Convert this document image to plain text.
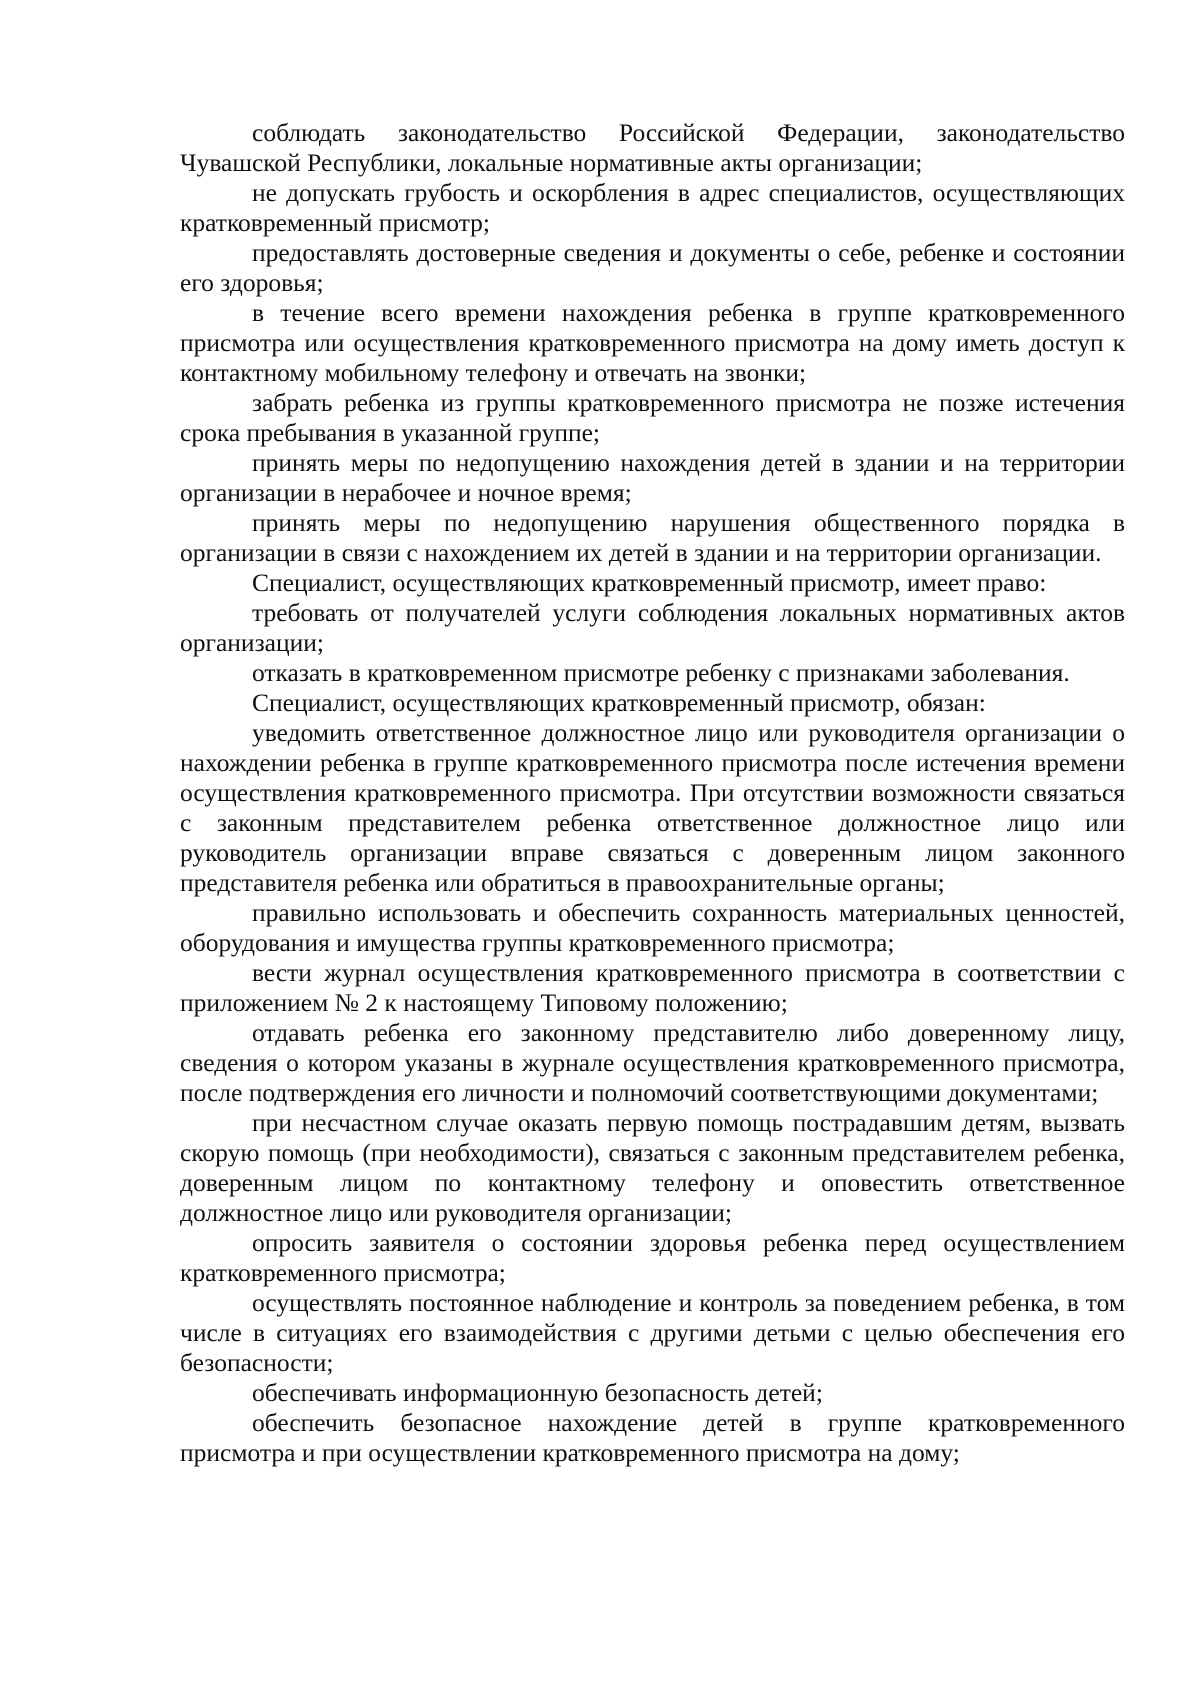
соблюдать законодательство Российской Федерации, законодательство Чувашской Республики, локальные нормативные акты организации;

не допускать грубость и оскорбления в адрес специалистов, осуществляющих кратковременный присмотр;

предоставлять достоверные сведения и документы о себе, ребенке и состоянии его здоровья;

в течение всего времени нахождения ребенка в группе кратковременного присмотра или осуществления кратковременного присмотра на дому иметь доступ к контактному мобильному телефону и отвечать на звонки;

забрать ребенка из группы кратковременного присмотра не позже истечения срока пребывания в указанной группе;

принять меры по недопущению нахождения детей в здании и на территории организации в нерабочее и ночное время;

принять меры по недопущению нарушения общественного порядка в организации в связи с нахождением их детей в здании и на территории организации.

Специалист, осуществляющих кратковременный присмотр, имеет право:

требовать от получателей услуги соблюдения локальных нормативных актов организации;

отказать в кратковременном присмотре ребенку с признаками заболевания.

Специалист, осуществляющих кратковременный присмотр, обязан:

уведомить ответственное должностное лицо или руководителя организации о нахождении ребенка в группе кратковременного присмотра после истечения времени осуществления кратковременного присмотра. При отсутствии возможности связаться с законным представителем ребенка ответственное должностное лицо или руководитель организации вправе связаться с доверенным лицом законного представителя ребенка или обратиться в правоохранительные органы;

правильно использовать и обеспечить сохранность материальных ценностей, оборудования и имущества группы кратковременного присмотра;

вести журнал осуществления кратковременного присмотра в соответствии с приложением № 2 к настоящему Типовому положению;

отдавать ребенка его законному представителю либо доверенному лицу, сведения о котором указаны в журнале осуществления кратковременного присмотра, после подтверждения его личности и полномочий соответствующими документами;

при несчастном случае оказать первую помощь пострадавшим детям, вызвать скорую помощь (при необходимости), связаться с законным представителем ребенка, доверенным лицом по контактному телефону и оповестить ответственное должностное лицо или руководителя организации;

опросить заявителя о состоянии здоровья ребенка перед осуществлением кратковременного присмотра;

осуществлять постоянное наблюдение и контроль за поведением ребенка, в том числе в ситуациях его взаимодействия с другими детьми с целью обеспечения его безопасности;

обеспечивать информационную безопасность детей;

обеспечить безопасное нахождение детей в группе кратковременного присмотра и при осуществлении кратковременного присмотра на дому;
